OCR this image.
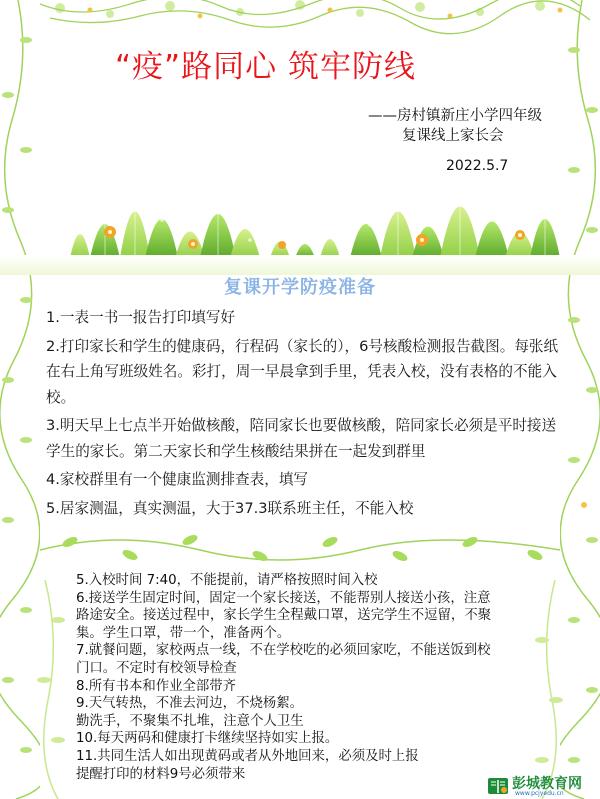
“疫”路同心 筑牢防线
——房村镇新庄小学四年级
复课线上家长会
2022.5.7
复课开学防疫准备
1.一表一书一报告打印填写好
2.打印家长和学生的健康码，行程码（家长的），6号核酸检测报告截图。每张纸
在右上角写班级姓名。彩打，周一早晨拿到手里，凭表入校，没有表格的不能入
校。
3.明天早上七点半开始做核酸，陪同家长也要做核酸，陪同家长必须是平时接送
学生的家长。第二天家长和学生核酸结果拼在一起发到群里
4.家校群里有一个健康监测排查表，填写
5.居家测温，真实测温，大于37.3联系班主任，不能入校
5.入校时间 7:40，不能提前，请严格按照时间入校
6.接送学生固定时间，固定一个家长接送，不能帮别人接送小孩，注意
路途安全。接送过程中，家长学生全程戴口罩，送完学生不逗留，不聚
集。学生口罩，带一个，准备两个。
7.就餐问题，家校两点一线，不在学校吃的必须回家吃，不能送饭到校
门口。不定时有校领导检查
8.所有书本和作业全部带齐
9.天气转热，不准去河边，不烧杨絮。
勤洗手，不聚集不扎堆，注意个人卫生
10.每天两码和健康打卡继续坚持如实上报。
11.共同生活人如出现黄码或者从外地回来，必须及时上报
提醒打印的材料9号必须带来
彭城教育网
www.pcjyedu.cn
